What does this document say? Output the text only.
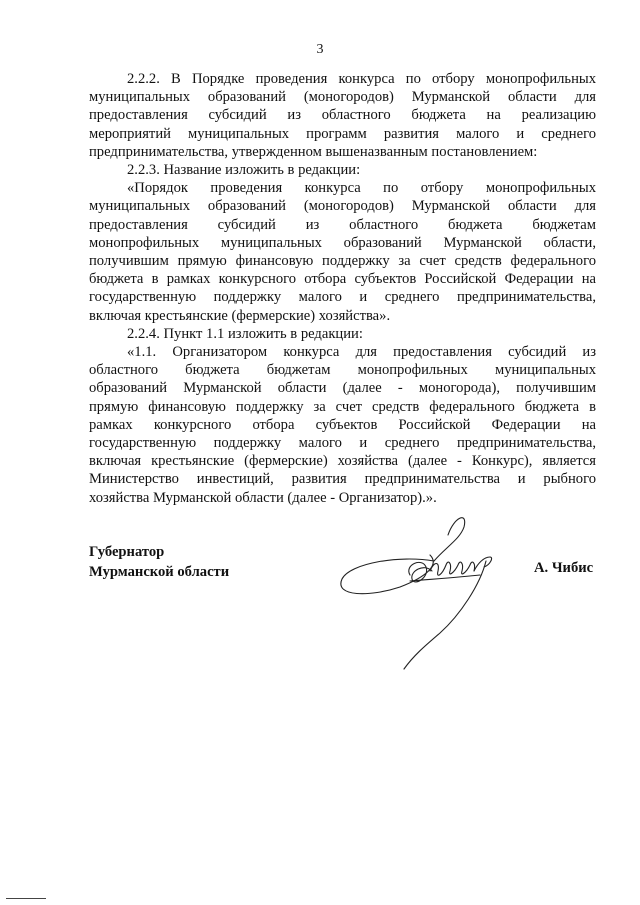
3
2.2.2. В Порядке проведения конкурса по отбору монопрофильных
муниципальных образований (моногородов) Мурманской области для
предоставления субсидий из областного бюджета на реализацию
мероприятий муниципальных программ развития малого и среднего
предпринимательства, утвержденном вышеназванным постановлением:
2.2.3. Название изложить в редакции:
«Порядок проведения конкурса по отбору монопрофильных
муниципальных образований (моногородов) Мурманской области для
предоставления субсидий из областного бюджета бюджетам
монопрофильных муниципальных образований Мурманской области,
получившим прямую финансовую поддержку за счет средств федерального
бюджета в рамках конкурсного отбора субъектов Российской Федерации на
государственную поддержку малого и среднего предпринимательства,
включая крестьянские (фермерские) хозяйства».
2.2.4. Пункт 1.1 изложить в редакции:
«1.1. Организатором конкурса для предоставления субсидий из
областного бюджета бюджетам монопрофильных муниципальных
образований Мурманской области (далее - моногорода), получившим
прямую финансовую поддержку за счет средств федерального бюджета в
рамках конкурсного отбора субъектов Российской Федерации на
государственную поддержку малого и среднего предпринимательства,
включая крестьянские (фермерские) хозяйства (далее - Конкурс), является
Министерство инвестиций, развития предпринимательства и рыбного
хозяйства Мурманской области (далее - Организатор).».
Губернатор
Мурманской области	А. Чибис
